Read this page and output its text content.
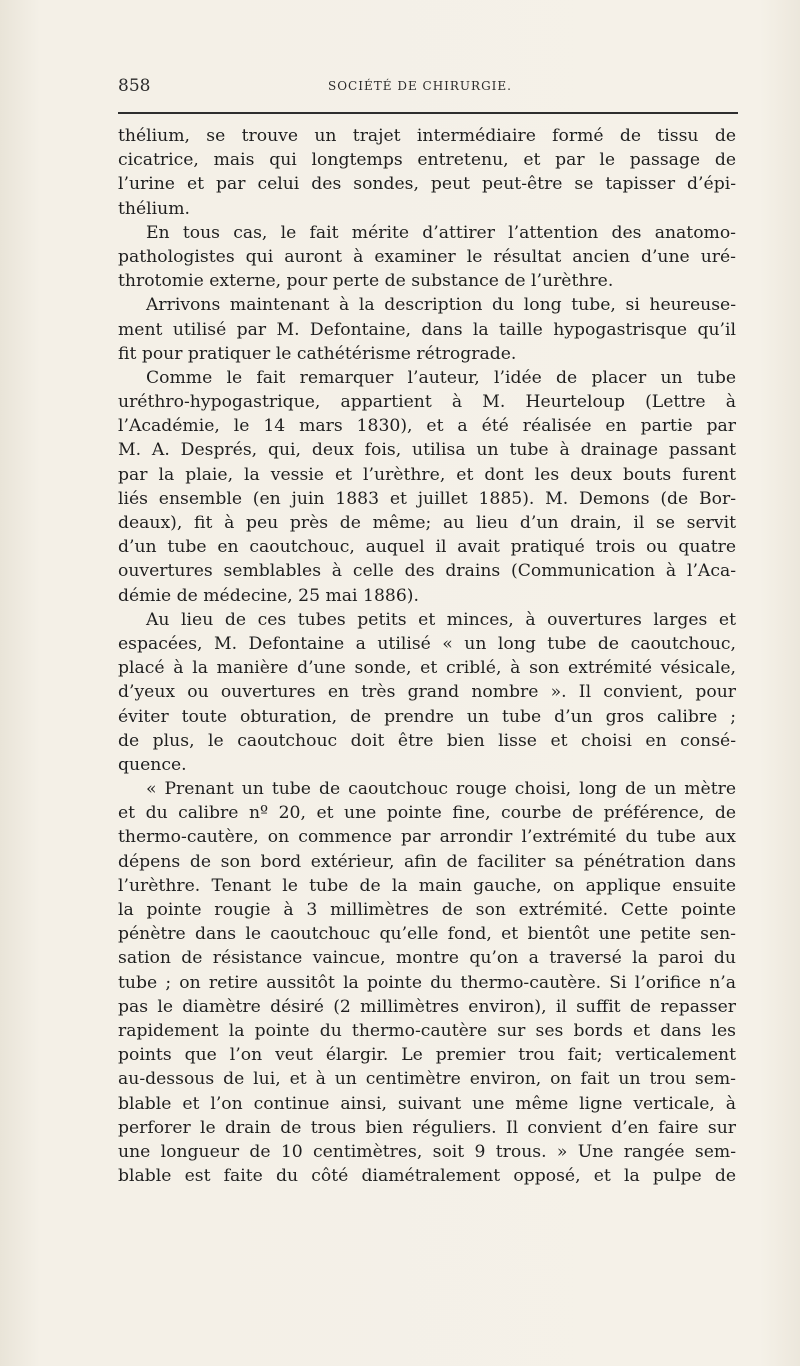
858	SOCIÉTÉ DE CHIRURGIE.
thélium, se trouve un trajet intermédiaire formé de tissu de
cicatrice, mais qui longtemps entretenu, et par le passage de
l’urine et par celui des sondes, peut peut-être se tapisser d’épi-
thélium.
En tous cas, le fait mérite d’attirer l’attention des anatomo-
pathologistes qui auront à examiner le résultat ancien d’une uré-
throtomie externe, pour perte de substance de l’urèthre.
Arrivons maintenant à la description du long tube, si heureuse-
ment utilisé par M. Defontaine, dans la taille hypogastrisque qu’il
fit pour pratiquer le cathétérisme rétrograde.
Comme le fait remarquer l’auteur, l’idée de placer un tube
uréthro-hypogastrique, appartient à M. Heurteloup (Lettre à
l’Académie, le 14 mars 1830), et a été réalisée en partie par
M. A. Després, qui, deux fois, utilisa un tube à drainage passant
par la plaie, la vessie et l’urèthre, et dont les deux bouts furent
liés ensemble (en juin 1883 et juillet 1885). M. Demons (de Bor-
deaux), fit à peu près de même; au lieu d’un drain, il se servit
d’un tube en caoutchouc, auquel il avait pratiqué trois ou quatre
ouvertures semblables à celle des drains (Communication à l’Aca-
démie de médecine, 25 mai 1886).
Au lieu de ces tubes petits et minces, à ouvertures larges et
espacées, M. Defontaine a utilisé « un long tube de caoutchouc,
placé à la manière d’une sonde, et criblé, à son extrémité vésicale,
d’yeux ou ouvertures en très grand nombre ». Il convient, pour
éviter toute obturation, de prendre un tube d’un gros calibre ;
de plus, le caoutchouc doit être bien lisse et choisi en consé-
quence.
« Prenant un tube de caoutchouc rouge choisi, long de un mètre
et du calibre nº 20, et une pointe fine, courbe de préférence, de
thermo-cautère, on commence par arrondir l’extrémité du tube aux
dépens de son bord extérieur, afin de faciliter sa pénétration dans
l’urèthre. Tenant le tube de la main gauche, on applique ensuite
la pointe rougie à 3 millimètres de son extrémité. Cette pointe
pénètre dans le caoutchouc qu’elle fond, et bientôt une petite sen-
sation de résistance vaincue, montre qu’on a traversé la paroi du
tube ; on retire aussitôt la pointe du thermo-cautère. Si l’orifice n’a
pas le diamètre désiré (2 millimètres environ), il suffit de repasser
rapidement la pointe du thermo-cautère sur ses bords et dans les
points que l’on veut élargir. Le premier trou fait; verticalement
au-dessous de lui, et à un centimètre environ, on fait un trou sem-
blable et l’on continue ainsi, suivant une même ligne verticale, à
perforer le drain de trous bien réguliers. Il convient d’en faire sur
une longueur de 10 centimètres, soit 9 trous. » Une rangée sem-
blable est faite du côté diamétralement opposé, et la pulpe de
